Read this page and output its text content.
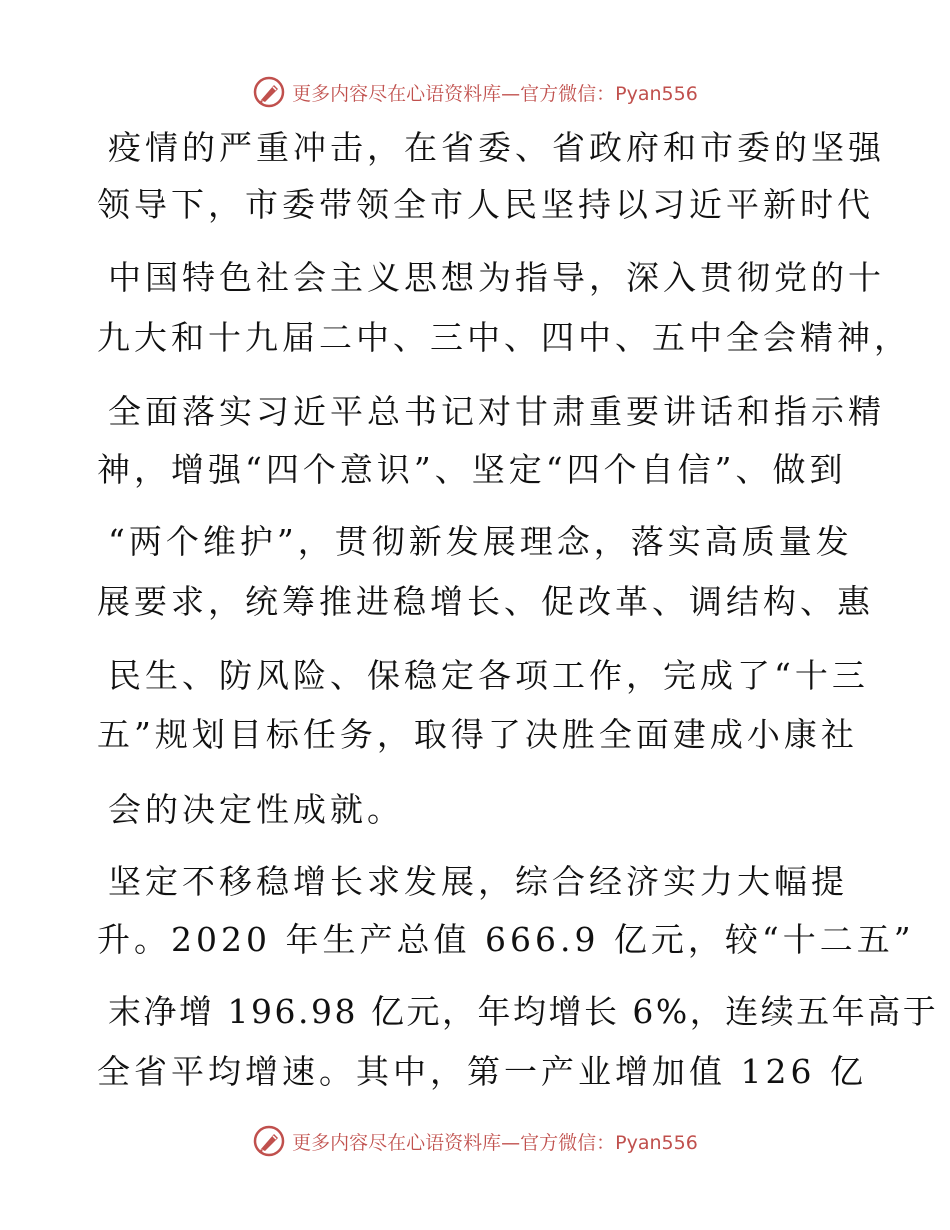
更多内容尽在心语资料库—官方微信：Pyan556
疫情的严重冲击，在省委、省政府和市委的坚强
领导下，市委带领全市人民坚持以习近平新时代
中国特色社会主义思想为指导，深入贯彻党的十
九大和十九届二中、三中、四中、五中全会精神，
全面落实习近平总书记对甘肃重要讲话和指示精
神，增强“四个意识”、坚定“四个自信”、做到
“两个维护”，贯彻新发展理念，落实高质量发
展要求，统筹推进稳增长、促改革、调结构、惠
民生、防风险、保稳定各项工作，完成了“十三
五”规划目标任务，取得了决胜全面建成小康社
会的决定性成就。
坚定不移稳增长求发展，综合经济实力大幅提
升。2020 年生产总值 666.9 亿元，较“十二五”
末净增 196.98 亿元，年均增长 6%，连续五年高于
全省平均增速。其中，第一产业增加值 126 亿
更多内容尽在心语资料库—官方微信：Pyan556
